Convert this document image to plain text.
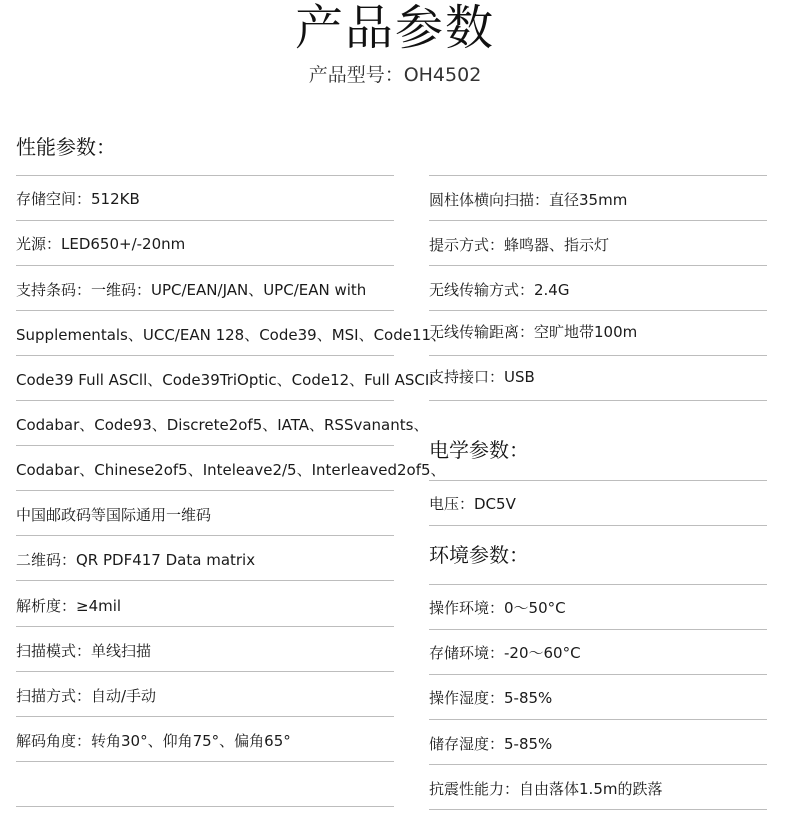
产品参数
产品型号：OH4502
性能参数：
存储空间：512KB
光源：LED650+/-20nm
支持条码：一维码：UPC/EAN/JAN、UPC/EAN with
Supplementals、UCC/EAN 128、Code39、MSI、Code11、
Code39 Full ASCll、Code39TriOptic、Code12、Full ASCII
Codabar、Code93、Discrete2of5、IATA、RSSvanants、
Codabar、Chinese2of5、Inteleave2/5、Interleaved2of5、
中国邮政码等国际通用一维码
二维码：QR PDF417 Data matrix
解析度：≥4mil
扫描模式：单线扫描
扫描方式：自动/手动
解码角度：转角30°、仰角75°、偏角65°
圆柱体横向扫描：直径35mm
提示方式：蜂鸣器、指示灯
无线传输方式：2.4G
无线传输距离：空旷地带100m
支持接口：USB
电学参数：
电压：DC5V
环境参数：
操作环境：0～50°C
存储环境：-20～60°C
操作湿度：5-85%
储存湿度：5-85%
抗震性能力：自由落体1.5m的跌落
